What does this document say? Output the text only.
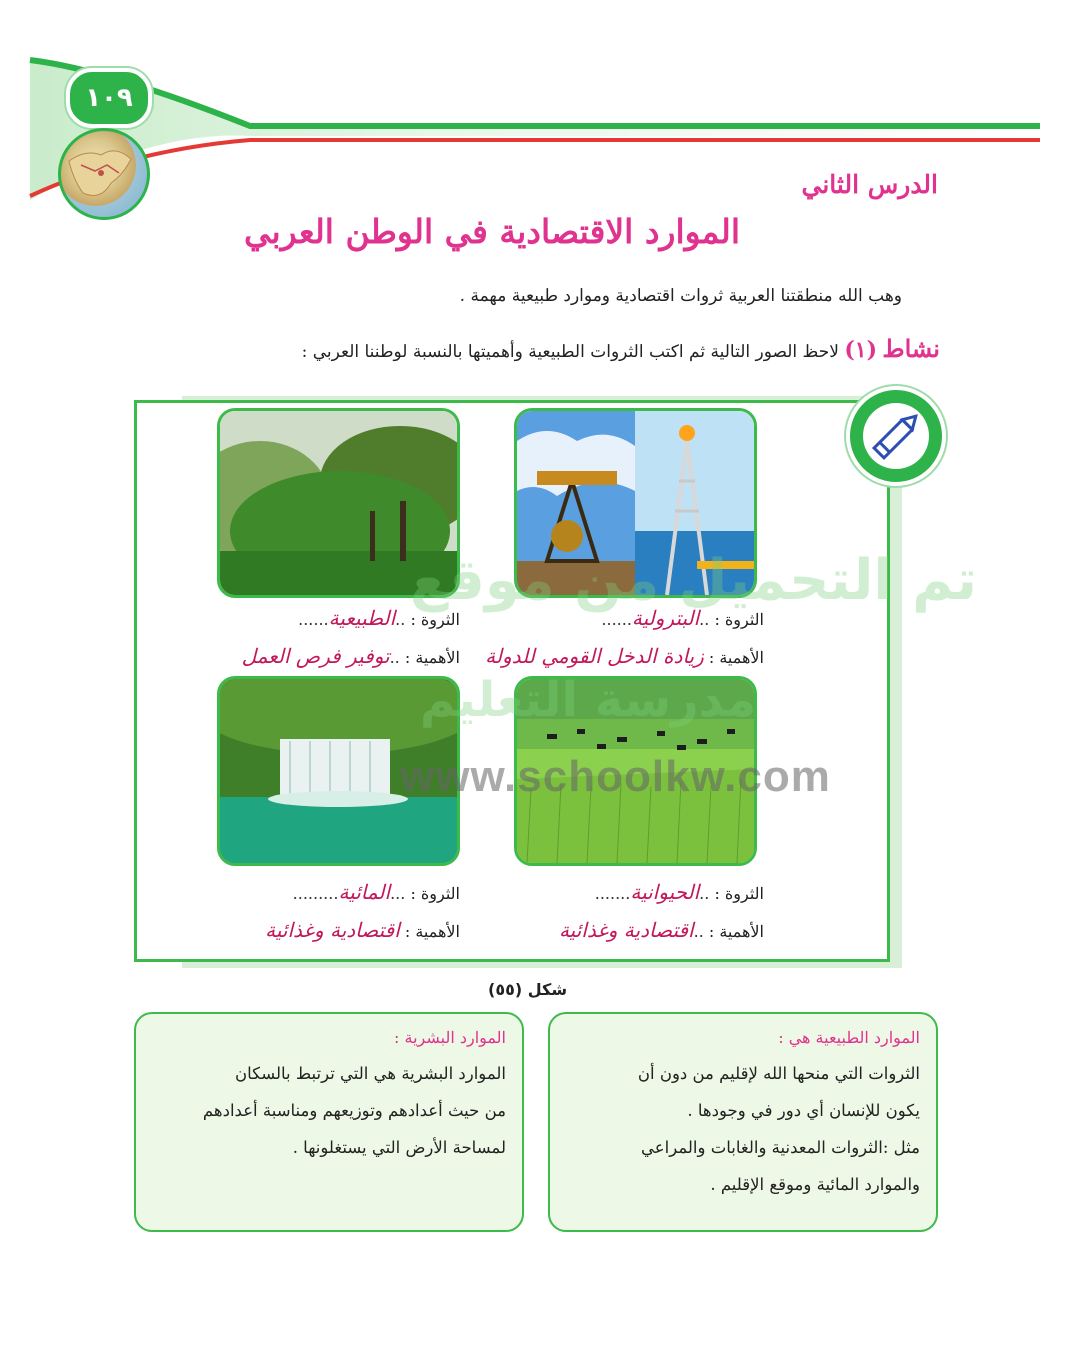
١٠٩
الدرس الثاني
الموارد الاقتصادية في الوطن العربي
وهب الله منطقتنا العربية ثروات اقتصادية وموارد طبيعية مهمة .
نشاط (١) لاحظ الصور التالية ثم اكتب الثروات الطبيعية وأهميتها بالنسبة لوطننا العربي :
تم التحميل من موقع
مدرسة التعليم
www.schoolkw.com
الثروة : ..البترولية......
الأهمية : زيادة الدخل القومي للدولة
الثروة : ..الطبيعية......
الأهمية : ..توفير فرص العمل
الثروة : ..الحيوانية.......
الأهمية : ..اقتصادية وغذائية
الثروة : ...المائية.........
الأهمية : اقتصادية وغذائية
شكل (٥٥)
الموارد الطبيعية هي :
الثروات التي منحها الله لإقليم من دون أن
يكون للإنسان أي دور في وجودها .
مثل :الثروات المعدنية والغابات والمراعي
والموارد المائية وموقع الإقليم .
الموارد البشرية :
الموارد البشرية هي التي ترتبط بالسكان
من حيث أعدادهم وتوزيعهم ومناسبة أعدادهم
لمساحة الأرض التي يستغلونها .
